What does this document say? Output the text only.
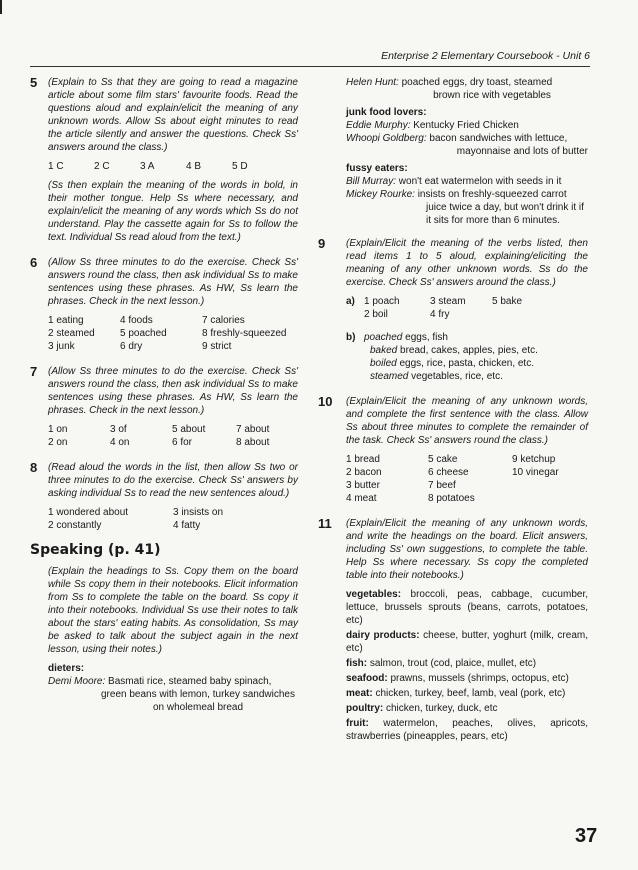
Enterprise 2 Elementary Coursebook - Unit 6
5 (Explain to Ss that they are going to read a magazine article about some film stars' favourite foods. Read the questions aloud and explain/elicit the meaning of any unknown words. Allow Ss about eight minutes to read the article silently and answer the questions. Check Ss' answers around the class.)

1 C	2 C	3 A	4 B	5 D

(Ss then explain the meaning of the words in bold, in their mother tongue. Help Ss where necessary, and explain/elicit the meaning of any words which Ss do not understand. Play the cassette again for Ss to follow the text. Individual Ss read aloud from the text.)

6 (Allow Ss three minutes to do the exercise. Check Ss' answers round the class, then ask individual Ss to make sentences using these phrases. As HW, Ss learn the phrases. Check in the next lesson.)

1 eating	4 foods	7 calories
2 steamed	5 poached	8 freshly-squeezed
3 junk	6 dry	9 strict
7 (Allow Ss three minutes to do the exercise. Check Ss' answers round the class, then ask individual Ss to make sentences using these phrases. As HW, Ss learn the phrases. Check in the next lesson.)

1 on	3 of	5 about	7 about
2 on	4 on	6 for	8 about
8 (Read aloud the words in the list, then allow Ss two or three minutes to do the exercise. Check Ss' answers by asking individual Ss to read the new sentences aloud.)

1 wondered about	3 insists on
2 constantly	4 fatty
Speaking (p. 41)

(Explain the headings to Ss. Copy them on the board while Ss copy them in their notebooks. Elicit information from Ss to complete the table on the board. Ss copy it into their notebooks. Individual Ss use their notes to talk about the stars' eating habits. As consolidation, Ss may be asked to talk about the subject again in the next lesson, using their notes.)

dieters:

Demi Moore: Basmati rice, steamed baby spinach,

green beans with lemon, turkey sandwiches on wholemeal bread

Helen Hunt: poached eggs, dry toast, steamed

brown rice with vegetables

junk food lovers:

Eddie Murphy: Kentucky Fried Chicken

Whoopi Goldberg: bacon sandwiches with lettuce,

mayonnaise and lots of butter

fussy eaters:

Bill Murray: won't eat watermelon with seeds in it

Mickey Rourke: insists on freshly-squeezed carrot

juice twice a day, but won't drink it if it sits for more than 6 minutes.

9 (Explain/Elicit the meaning of the verbs listed, then read items 1 to 5 aloud, explaining/eliciting the meaning of any other unknown words. Ss do the exercise. Check Ss' answers around the class.)

a) 1 poach	3 steam	5 bake
2 boil	4 fry
b) poached eggs, fish
baked bread, cakes, apples, pies, etc.
boiled eggs, rice, pasta, chicken, etc.
steamed vegetables, rice, etc.
10 (Explain/Elicit the meaning of any unknown words, and complete the first sentence with the class. Allow Ss about three minutes to complete the remainder of the task. Check Ss' answers round the class.)

1 bread	5 cake	9 ketchup
2 bacon	6 cheese	10 vinegar
3 butter	7 beef
4 meat	8 potatoes
11 (Explain/Elicit the meaning of any unknown words, and write the headings on the board. Elicit answers, including Ss' own suggestions, to complete the table. Help Ss where necessary. Ss copy the completed table into their notebooks.)

vegetables: broccoli, peas, cabbage, cucumber, lettuce, brussels sprouts (beans, carrots, potatoes, etc)

dairy products: cheese, butter, yoghurt (milk, cream, etc)

fish: salmon, trout (cod, plaice, mullet, etc)

seafood: prawns, mussels (shrimps, octopus, etc)

meat: chicken, turkey, beef, lamb, veal (pork, etc)

poultry: chicken, turkey, duck, etc

fruit: watermelon, peaches, olives, apricots, strawberries (pineapples, pears, etc)

37
